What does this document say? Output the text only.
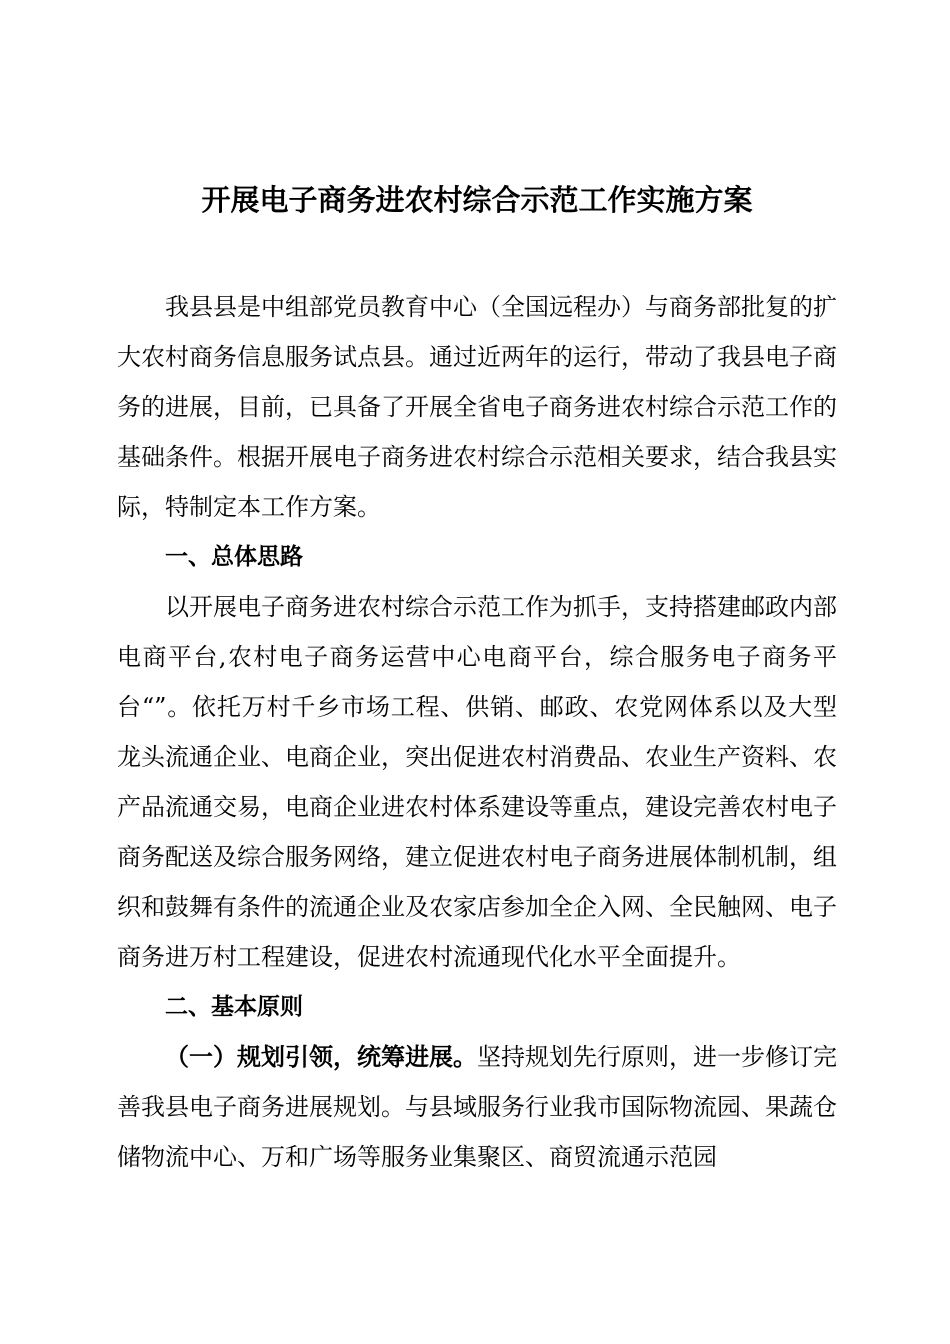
开展电子商务进农村综合示范工作实施方案

我县县是中组部党员教育中心（全国远程办）与商务部批复的扩大农村商务信息服务试点县。通过近两年的运行，带动了我县电子商务的进展，目前，已具备了开展全省电子商务进农村综合示范工作的基础条件。根据开展电子商务进农村综合示范相关要求，结合我县实际，特制定本工作方案。

一、总体思路

以开展电子商务进农村综合示范工作为抓手，支持搭建邮政内部电商平台,农村电子商务运营中心电商平台，综合服务电子商务平台“”。依托万村千乡市场工程、供销、邮政、农党网体系以及大型龙头流通企业、电商企业，突出促进农村消费品、农业生产资料、农产品流通交易，电商企业进农村体系建设等重点，建设完善农村电子商务配送及综合服务网络，建立促进农村电子商务进展体制机制，组织和鼓舞有条件的流通企业及农家店参加全企入网、全民触网、电子商务进万村工程建设，促进农村流通现代化水平全面提升。

二、基本原则

（一）规划引领，统筹进展。坚持规划先行原则，进一步修订完善我县电子商务进展规划。与县域服务行业我市国际物流园、果蔬仓储物流中心、万和广场等服务业集聚区、商贸流通示范园
